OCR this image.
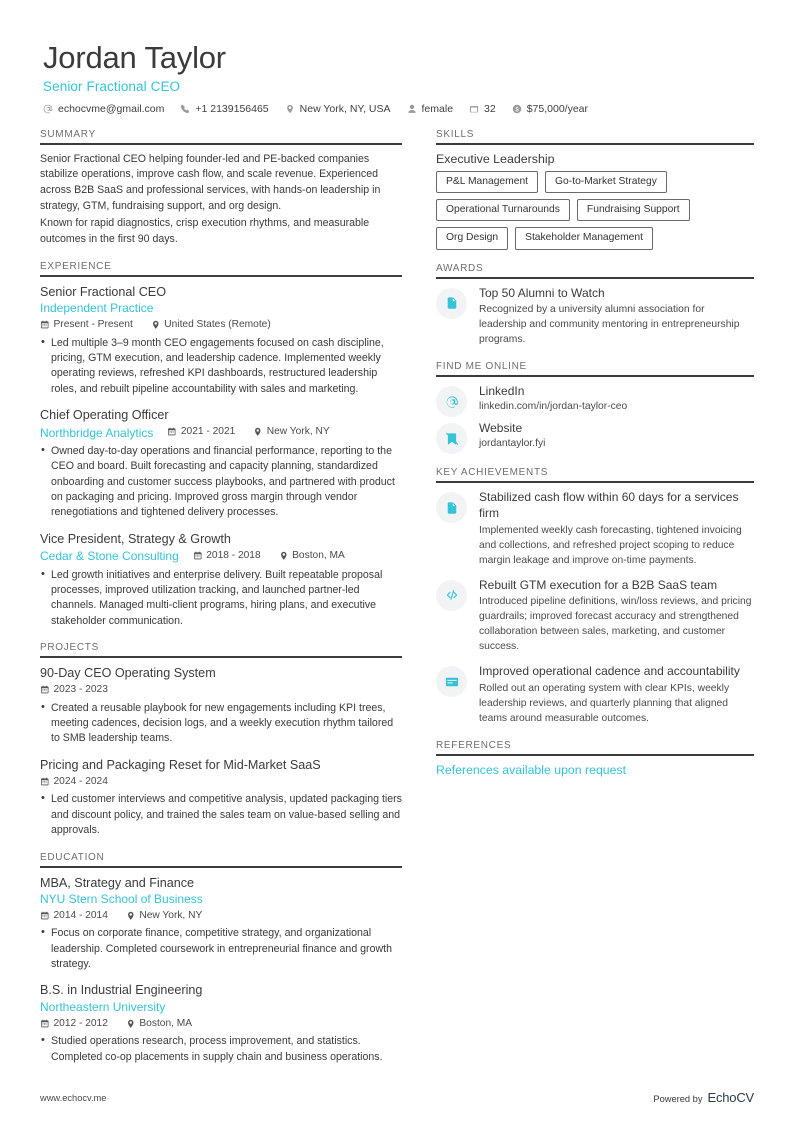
Jordan Taylor
Senior Fractional CEO
echocvme@gmail.com	+1 2139156465	New York, NY, USA	female	32	$75,000/year
SUMMARY
Senior Fractional CEO helping founder-led and PE-backed companies stabilize operations, improve cash flow, and scale revenue. Experienced across B2B SaaS and professional services, with hands-on leadership in strategy, GTM, fundraising support, and org design.
Known for rapid diagnostics, crisp execution rhythms, and measurable outcomes in the first 90 days.
EXPERIENCE
Senior Fractional CEO
Independent Practice
Present - Present	United States (Remote)
• Led multiple 3–9 month CEO engagements focused on cash discipline, pricing, GTM execution, and leadership cadence. Implemented weekly operating reviews, refreshed KPI dashboards, restructured leadership roles, and rebuilt pipeline accountability with sales and marketing.
Chief Operating Officer
Northbridge Analytics	2021 - 2021	New York, NY
• Owned day-to-day operations and financial performance, reporting to the CEO and board. Built forecasting and capacity planning, standardized onboarding and customer success playbooks, and partnered with product on packaging and pricing. Improved gross margin through vendor renegotiations and tightened delivery processes.
Vice President, Strategy & Growth
Cedar & Stone Consulting	2018 - 2018	Boston, MA
• Led growth initiatives and enterprise delivery. Built repeatable proposal processes, improved utilization tracking, and launched partner-led channels. Managed multi-client programs, hiring plans, and executive stakeholder communication.
PROJECTS
90-Day CEO Operating System
2023 - 2023
• Created a reusable playbook for new engagements including KPI trees, meeting cadences, decision logs, and a weekly execution rhythm tailored to SMB leadership teams.
Pricing and Packaging Reset for Mid-Market SaaS
2024 - 2024
• Led customer interviews and competitive analysis, updated packaging tiers and discount policy, and trained the sales team on value-based selling and approvals.
EDUCATION
MBA, Strategy and Finance
NYU Stern School of Business
2014 - 2014	New York, NY
• Focus on corporate finance, competitive strategy, and organizational leadership. Completed coursework in entrepreneurial finance and growth strategy.
B.S. in Industrial Engineering
Northeastern University
2012 - 2012	Boston, MA
• Studied operations research, process improvement, and statistics. Completed co-op placements in supply chain and business operations.
SKILLS
Executive Leadership
P&L Management	Go-to-Market Strategy
Operational Turnarounds	Fundraising Support
Org Design	Stakeholder Management
AWARDS
Top 50 Alumni to Watch
Recognized by a university alumni association for leadership and community mentoring in entrepreneurship programs.
FIND ME ONLINE
LinkedIn
linkedin.com/in/jordan-taylor-ceo
Website
jordantaylor.fyi
KEY ACHIEVEMENTS
Stabilized cash flow within 60 days for a services firm
Implemented weekly cash forecasting, tightened invoicing and collections, and refreshed project scoping to reduce margin leakage and improve on-time payments.
Rebuilt GTM execution for a B2B SaaS team
Introduced pipeline definitions, win/loss reviews, and pricing guardrails; improved forecast accuracy and strengthened collaboration between sales, marketing, and customer success.
Improved operational cadence and accountability
Rolled out an operating system with clear KPIs, weekly leadership reviews, and quarterly planning that aligned teams around measurable outcomes.
REFERENCES
References available upon request
www.echocv.me	Powered by EchoCV
